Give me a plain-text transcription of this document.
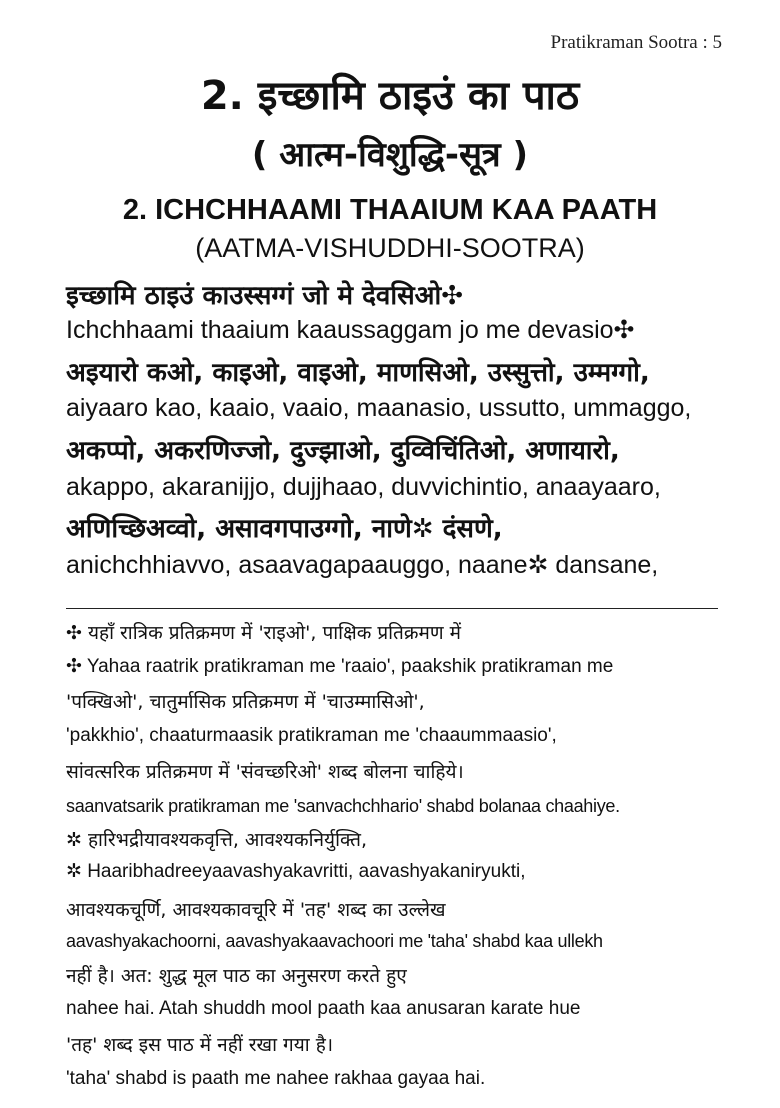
Pratikraman Sootra : 5
2. इच्छामि ठाइउं का पाठ
( आत्म-विशुद्धि-सूत्र )
2. ICHCHHAAMI THAAIUM KAA PAATH
(AATMA-VISHUDDHI-SOOTRA)
इच्छामि ठाइउं काउस्सग्गं जो मे देवसिओ✣
Ichchhaami thaaium kaaussaggam jo me devasio✣
अइयारो कओ, काइओ, वाइओ, माणसिओ, उस्सुत्तो, उम्मग्गो,
aiyaaro kao, kaaio, vaaio, maanasio, ussutto, ummaggo,
अकप्पो, अकरणिज्जो, दुज्झाओ, दुव्विचिंतिओ, अणायारो,
akappo, akaranijjo, dujjhaao, duvvichintio, anaayaaro,
अणिच्छिअव्वो, असावगपाउग्गो, नाणे✲ दंसणे,
anichchhiavvo, asaavagapaauggo, naane✲ dansane,
✣ यहाँ रात्रिक प्रतिक्रमण में 'राइओ', पाक्षिक प्रतिक्रमण में
✣ Yahaa raatrik pratikraman me 'raaio', paakshik pratikraman me
'पक्खिओ', चातुर्मासिक प्रतिक्रमण में 'चाउम्मासिओ',
'pakkhio', chaaturmaasik pratikraman me 'chaaummaasio',
सांवत्सरिक प्रतिक्रमण में 'संवच्छरिओ' शब्द बोलना चाहिये।
saanvatsarik pratikraman me 'sanvachchhario' shabd bolanaa chaahiye.
✲ हारिभद्रीयावश्यकवृत्ति, आवश्यकनिर्युक्ति,
✲ Haaribhadreeyaavashyakavritti, aavashyakaniryukti,
आवश्यकचूर्णि, आवश्यकावचूरि में 'तह' शब्द का उल्लेख
aavashyakachoorni, aavashyakaavachoori me 'taha' shabd kaa ullekh
नहीं है। अत: शुद्ध मूल पाठ का अनुसरण करते हुए
nahee hai. Atah shuddh mool paath kaa anusaran karate hue
'तह' शब्द इस पाठ में नहीं रखा गया है।
'taha' shabd is paath me nahee rakhaa gayaa hai.
